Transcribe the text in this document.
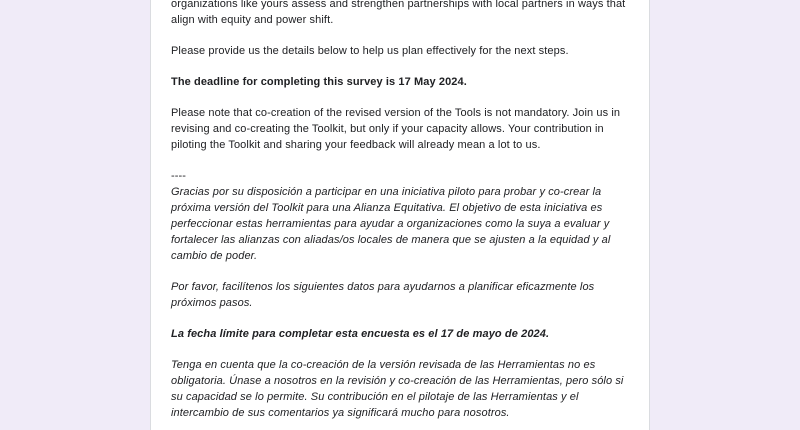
organizations like yours assess and strengthen partnerships with local partners in ways that align with equity and power shift.
Please provide us the details below to help us plan effectively for the next steps.
The deadline for completing this survey is 17 May 2024.
Please note that co-creation of the revised version of the Tools is not mandatory. Join us in revising and co-creating the Toolkit, but only if your capacity allows. Your contribution in piloting the Toolkit and sharing your feedback will already mean a lot to us.
----
Gracias por su disposición a participar en una iniciativa piloto para probar y co-crear la próxima versión del Toolkit para una Alianza Equitativa. El objetivo de esta iniciativa es perfeccionar estas herramientas para ayudar a organizaciones como la suya a evaluar y fortalecer las alianzas con aliadas/os locales de manera que se ajusten a la equidad y al cambio de poder.
Por favor, facilítenos los siguientes datos para ayudarnos a planificar eficazmente los próximos pasos.
La fecha límite para completar esta encuesta es el 17 de mayo de 2024.
Tenga en cuenta que la co-creación de la versión revisada de las Herramientas no es obligatoria. Únase a nosotros en la revisión y co-creación de las Herramientas, pero sólo si su capacidad se lo permite. Su contribución en el pilotaje de las Herramientas y el intercambio de sus comentarios ya significará mucho para nosotros.
